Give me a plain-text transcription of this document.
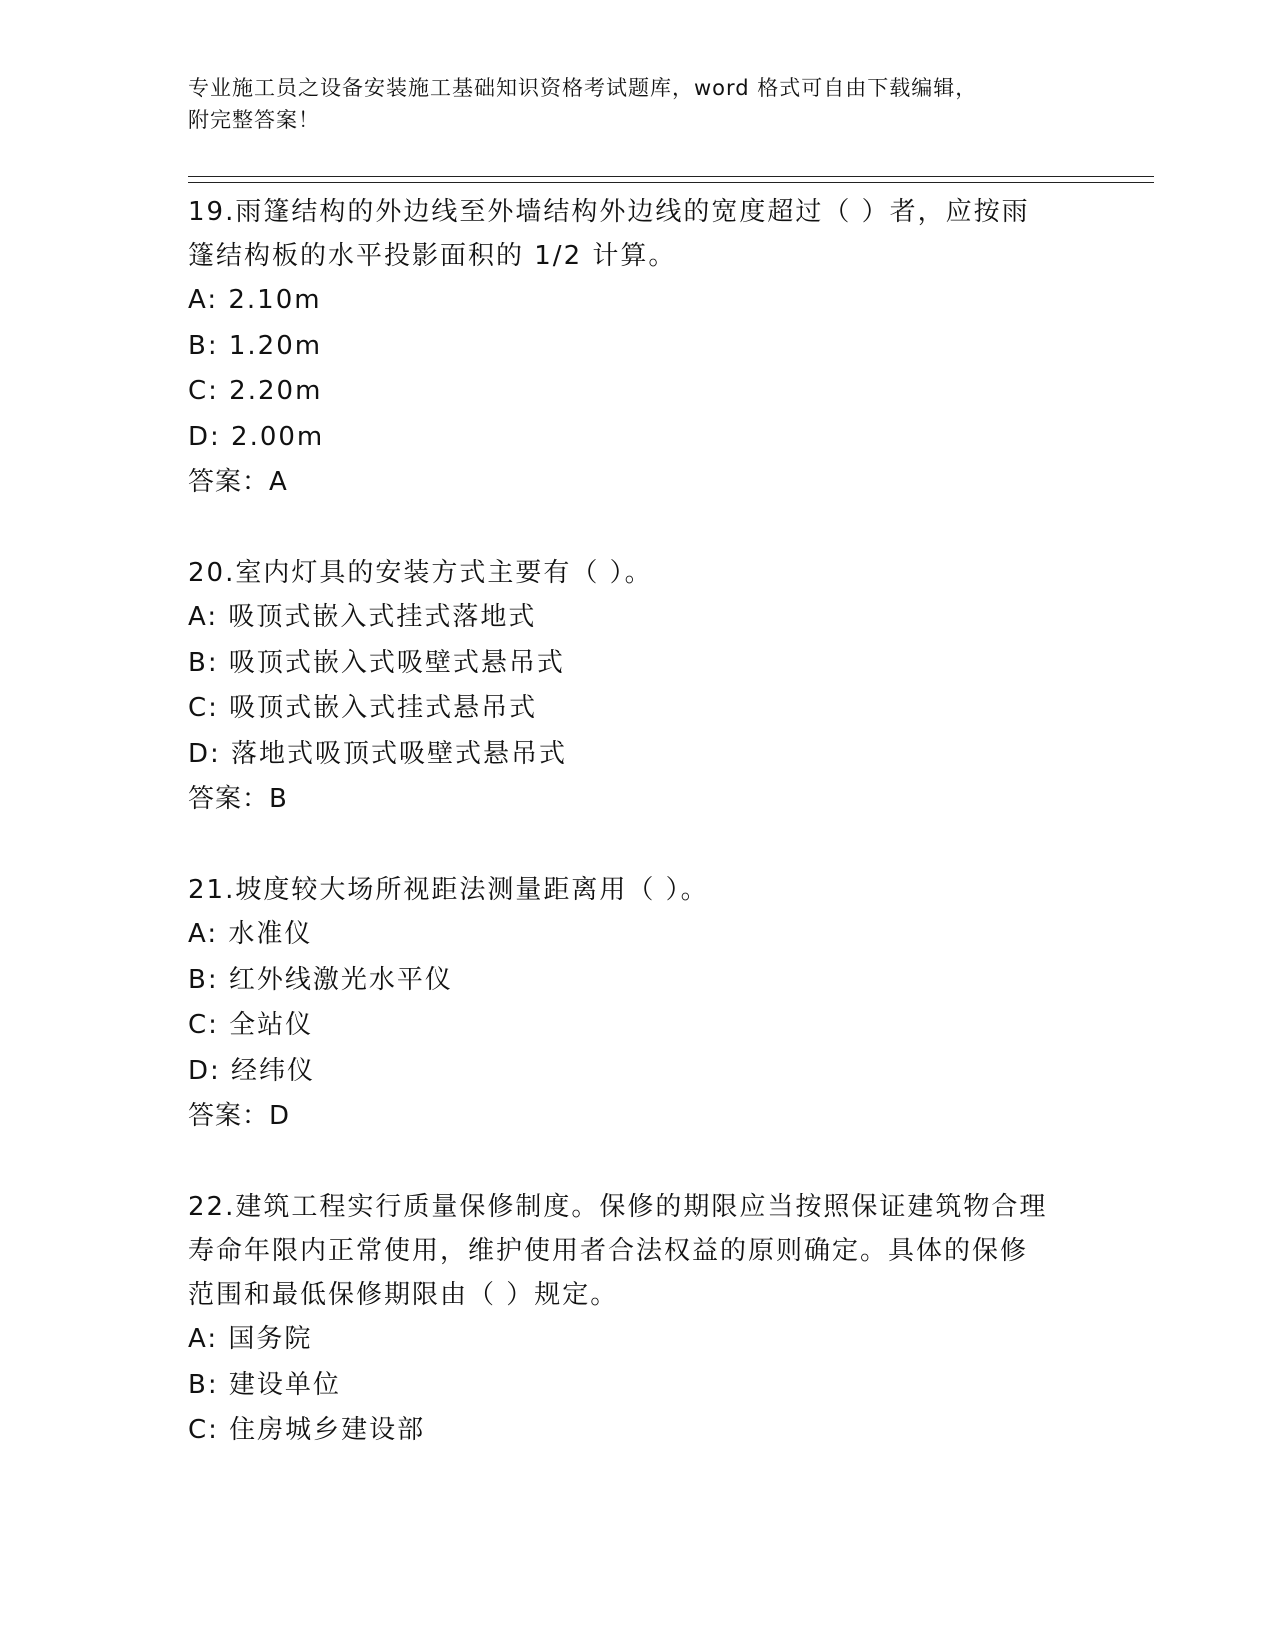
专业施工员之设备安装施工基础知识资格考试题库，word 格式可自由下载编辑，
附完整答案！

19.雨篷结构的外边线至外墙结构外边线的宽度超过（ ）者，应按雨

篷结构板的水平投影面积的 1/2 计算。

A: 2.10m

B: 1.20m

C: 2.20m

D: 2.00m

答案：A

20.室内灯具的安装方式主要有（ ）。

A: 吸顶式嵌入式挂式落地式

B: 吸顶式嵌入式吸壁式悬吊式

C: 吸顶式嵌入式挂式悬吊式

D: 落地式吸顶式吸壁式悬吊式

答案：B

21.坡度较大场所视距法测量距离用（ ）。

A: 水准仪

B: 红外线激光水平仪

C: 全站仪

D: 经纬仪

答案：D

22.建筑工程实行质量保修制度。保修的期限应当按照保证建筑物合理

寿命年限内正常使用，维护使用者合法权益的原则确定。具体的保修

范围和最低保修期限由（ ）规定。

A: 国务院

B: 建设单位

C: 住房城乡建设部
